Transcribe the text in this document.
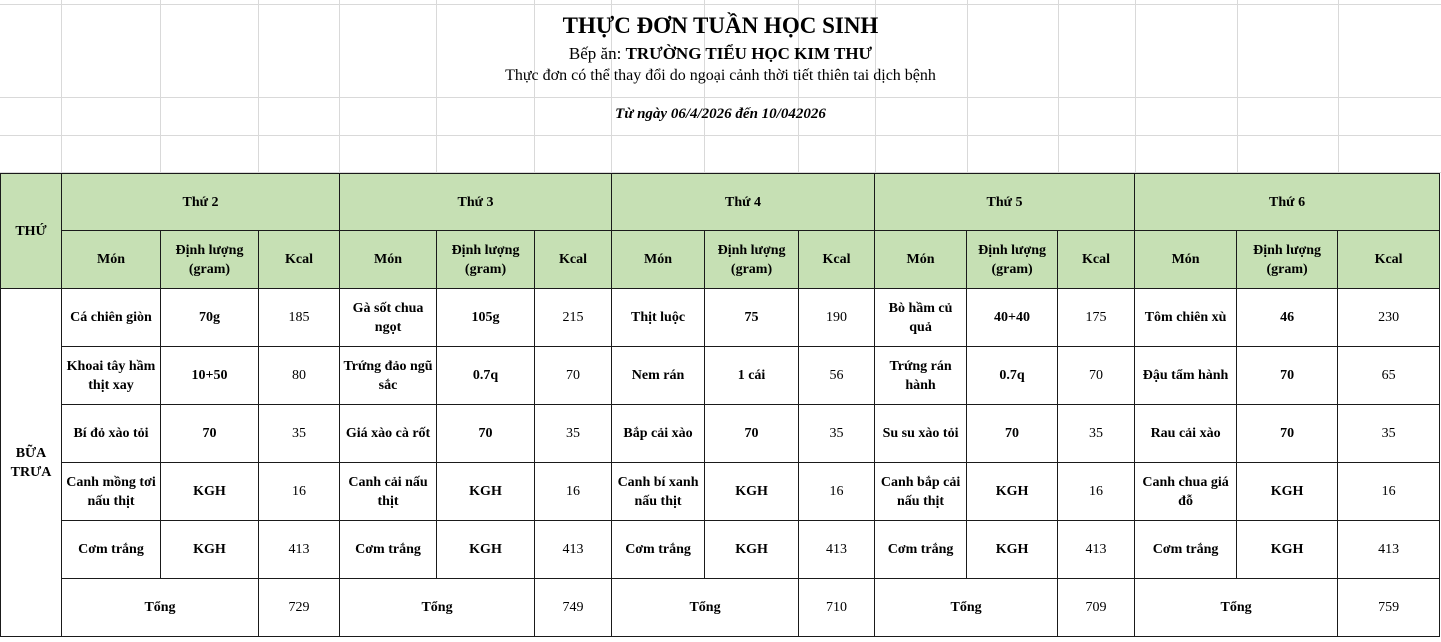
THỰC ĐƠN TUẦN HỌC SINH
Bếp ăn: TRƯỜNG TIỂU HỌC KIM THƯ
Thực đơn có thể thay đổi do ngoại cảnh thời tiết thiên tai dịch bệnh
Từ ngày 06/4/2026 đến 10/042026
THỨ	Thứ 2			Thứ 3			Thứ 4			Thứ 5			Thứ 6		
	Món	Định lượng (gram)	Kcal	Món	Định lượng (gram)	Kcal	Món	Định lượng (gram)	Kcal	Món	Định lượng (gram)	Kcal	Món	Định lượng (gram)	Kcal
BỮA TRƯA	Cá chiên giòn	70g	185	Gà sốt chua ngọt	105g	215	Thịt luộc	75	190	Bò hầm củ quả	40+40	175	Tôm chiên xù	46	230
	Khoai tây hầm thịt xay	10+50	80	Trứng đảo ngũ sắc	0.7q	70	Nem rán	1 cái	56	Trứng rán hành	0.7q	70	Đậu tẩm hành	70	65
	Bí đỏ xào tỏi	70	35	Giá xào cà rốt	70	35	Bắp cải xào	70	35	Su su xào tỏi	70	35	Rau cải xào	70	35
	Canh mồng tơi nấu thịt	KGH	16	Canh cải nấu thịt	KGH	16	Canh bí xanh nấu thịt	KGH	16	Canh bắp cải nấu thịt	KGH	16	Canh chua giá đỗ	KGH	16
	Cơm trắng	KGH	413	Cơm trắng	KGH	413	Cơm trắng	KGH	413	Cơm trắng	KGH	413	Cơm trắng	KGH	413
	Tổng		729	Tổng		749	Tổng		710	Tổng		709	Tổng		759
